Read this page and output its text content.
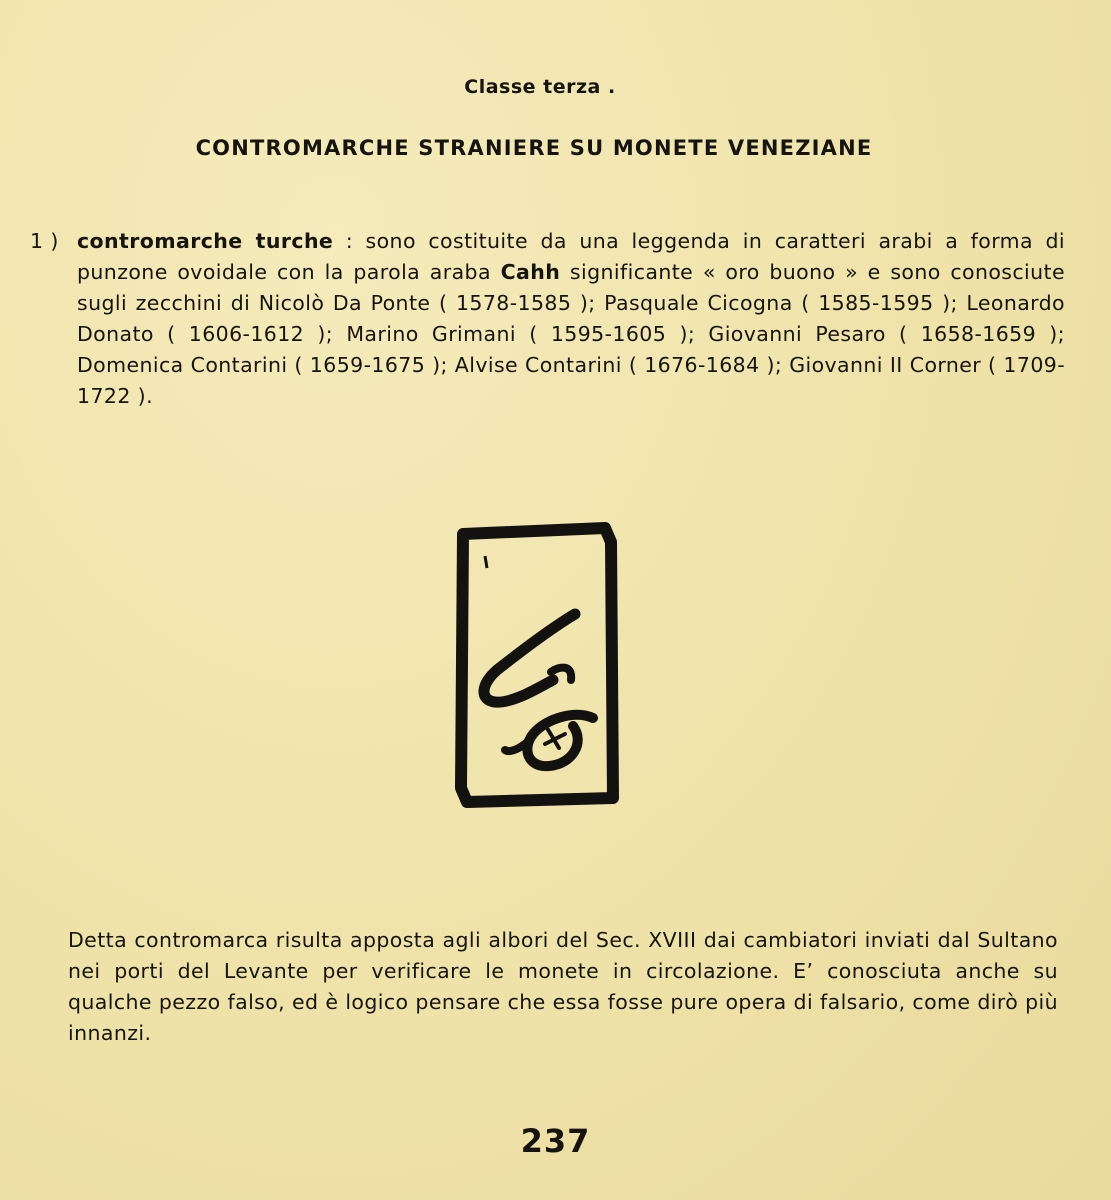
Classe terza .
CONTROMARCHE STRANIERE SU MONETE VENEZIANE
1 ) contromarche turche : sono costituite da una leggenda in caratteri arabi a forma di punzone ovoidale con la parola araba Cahh significante « oro buono » e sono conosciute sugli zecchini di Nicolò Da Ponte ( 1578-1585 ); Pasquale Cicogna ( 1585-1595 ); Leonardo Donato ( 1606-1612 ); Marino Grimani ( 1595-1605 ); Giovanni Pesaro ( 1658-1659 ); Domenica Contarini ( 1659-1675 ); Alvise Contarini ( 1676-1684 ); Giovanni II Corner ( 1709-1722 ).
Detta contromarca risulta apposta agli albori del Sec. XVIII dai cambiatori inviati dal Sultano nei porti del Levante per verificare le monete in circolazione. E’ conosciuta anche su qualche pezzo falso, ed è logico pensare che essa fosse pure opera di falsario, come dirò più innanzi.
237
